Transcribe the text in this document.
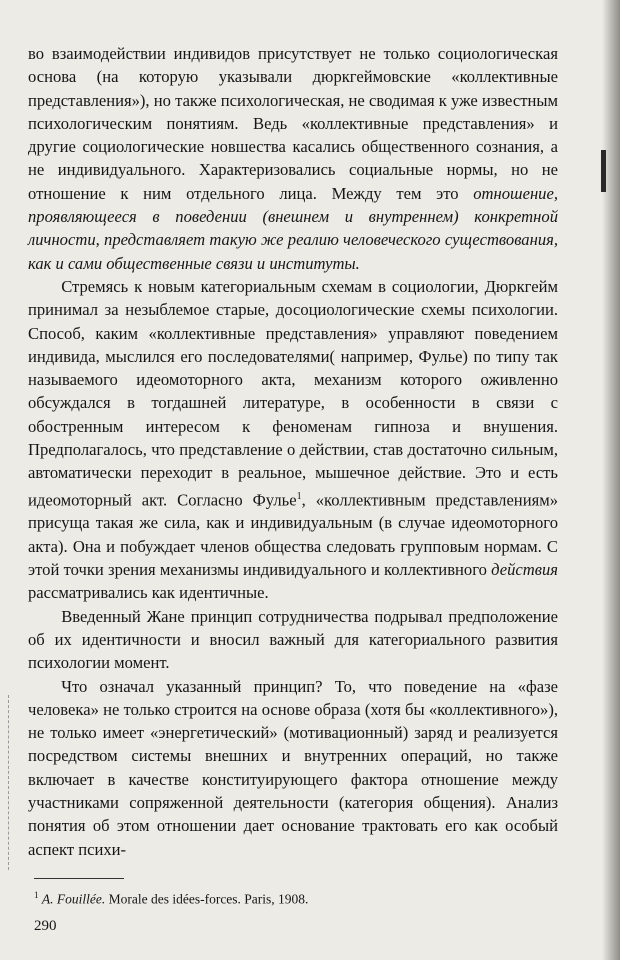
во взаимодействии индивидов присутствует не только социологическая основа (на которую указывали дюркгеймовские «коллективные представления»), но также психологическая, не сводимая к уже известным психологическим понятиям. Ведь «коллективные представления» и другие социологические новшества касались общественного сознания, а не индивидуального. Характеризовались социальные нормы, но не отношение к ним отдельного лица. Между тем это отношение, проявляющееся в поведении (внешнем и внутреннем) конкретной личности, представляет такую же реалию человеческого существования, как и сами общественные связи и институты.

Стремясь к новым категориальным схемам в социологии, Дюркгейм принимал за незыблемое старые, досоциологические схемы психологии. Способ, каким «коллективные представления» управляют поведением индивида, мыслился его последователями( например, Фулье) по типу так называемого идеомоторного акта, механизм которого оживленно обсуждался в тогдашней литературе, в особенности в связи с обостренным интересом к феноменам гипноза и внушения. Предполагалось, что представление о действии, став достаточно сильным, автоматически переходит в реальное, мышечное действие. Это и есть идеомоторный акт. Согласно Фулье$^1$, «коллективным представлениям» присуща такая же сила, как и индивидуальным (в случае идеомоторного акта). Она и побуждает членов общества следовать групповым нормам. С этой точки зрения механизмы индивидуального и коллективного действия рассматривались как идентичные.

Введенный Жане принцип сотрудничества подрывал предположение об их идентичности и вносил важный для категориального развития психологии момент.

Что означал указанный принцип? То, что поведение на «фазе человека» не только строится на основе образа (хотя бы «коллективного»), не только имеет «энергетический» (мотивационный) заряд и реализуется посредством системы внешних и внутренних операций, но также включает в качестве конституирующего фактора отношение между участниками сопряженной деятельности (категория общения). Анализ понятия об этом отношении дает основание трактовать его как особый аспект психи-

$^1$ A. Fouillée. Morale des idées-forces. Paris, 1908.
290
